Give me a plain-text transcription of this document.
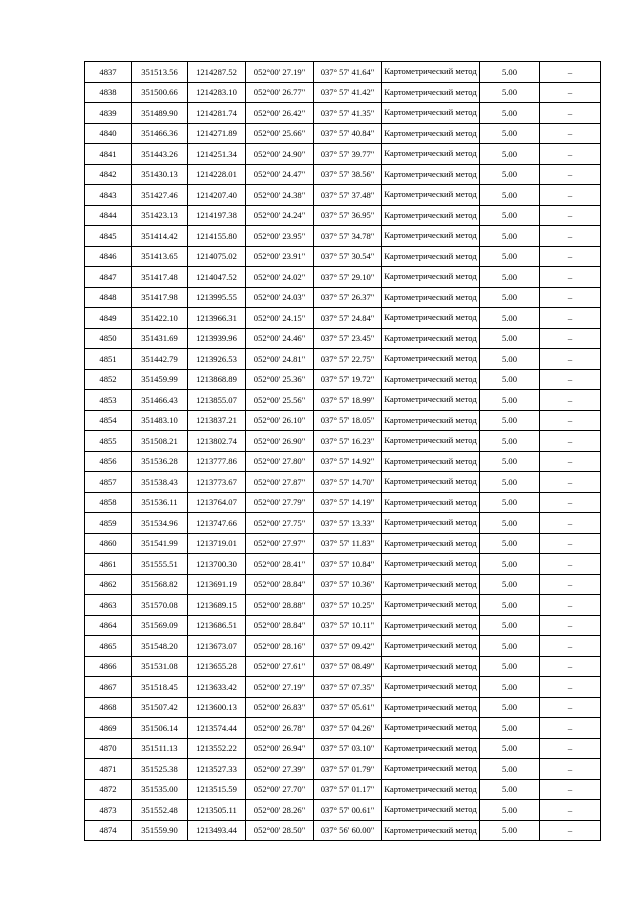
4837	351513.56	1214287.52	052°00' 27.19"	037° 57' 41.64"	Картометрический метод	5.00	–
4838	351500.66	1214283.10	052°00' 26.77"	037° 57' 41.42"	Картометрический метод	5.00	–
4839	351489.90	1214281.74	052°00' 26.42"	037° 57' 41.35"	Картометрический метод	5.00	–
4840	351466.36	1214271.89	052°00' 25.66"	037° 57' 40.84"	Картометрический метод	5.00	–
4841	351443.26	1214251.34	052°00' 24.90"	037° 57' 39.77"	Картометрический метод	5.00	–
4842	351430.13	1214228.01	052°00' 24.47"	037° 57' 38.56"	Картометрический метод	5.00	–
4843	351427.46	1214207.40	052°00' 24.38"	037° 57' 37.48"	Картометрический метод	5.00	–
4844	351423.13	1214197.38	052°00' 24.24"	037° 57' 36.95"	Картометрический метод	5.00	–
4845	351414.42	1214155.80	052°00' 23.95"	037° 57' 34.78"	Картометрический метод	5.00	–
4846	351413.65	1214075.02	052°00' 23.91"	037° 57' 30.54"	Картометрический метод	5.00	–
4847	351417.48	1214047.52	052°00' 24.02"	037° 57' 29.10"	Картометрический метод	5.00	–
4848	351417.98	1213995.55	052°00' 24.03"	037° 57' 26.37"	Картометрический метод	5.00	–
4849	351422.10	1213966.31	052°00' 24.15"	037° 57' 24.84"	Картометрический метод	5.00	–
4850	351431.69	1213939.96	052°00' 24.46"	037° 57' 23.45"	Картометрический метод	5.00	–
4851	351442.79	1213926.53	052°00' 24.81"	037° 57' 22.75"	Картометрический метод	5.00	–
4852	351459.99	1213868.89	052°00' 25.36"	037° 57' 19.72"	Картометрический метод	5.00	–
4853	351466.43	1213855.07	052°00' 25.56"	037° 57' 18.99"	Картометрический метод	5.00	–
4854	351483.10	1213837.21	052°00' 26.10"	037° 57' 18.05"	Картометрический метод	5.00	–
4855	351508.21	1213802.74	052°00' 26.90"	037° 57' 16.23"	Картометрический метод	5.00	–
4856	351536.28	1213777.86	052°00' 27.80"	037° 57' 14.92"	Картометрический метод	5.00	–
4857	351538.43	1213773.67	052°00' 27.87"	037° 57' 14.70"	Картометрический метод	5.00	–
4858	351536.11	1213764.07	052°00' 27.79"	037° 57' 14.19"	Картометрический метод	5.00	–
4859	351534.96	1213747.66	052°00' 27.75"	037° 57' 13.33"	Картометрический метод	5.00	–
4860	351541.99	1213719.01	052°00' 27.97"	037° 57' 11.83"	Картометрический метод	5.00	–
4861	351555.51	1213700.30	052°00' 28.41"	037° 57' 10.84"	Картометрический метод	5.00	–
4862	351568.82	1213691.19	052°00' 28.84"	037° 57' 10.36"	Картометрический метод	5.00	–
4863	351570.08	1213689.15	052°00' 28.88"	037° 57' 10.25"	Картометрический метод	5.00	–
4864	351569.09	1213686.51	052°00' 28.84"	037° 57' 10.11"	Картометрический метод	5.00	–
4865	351548.20	1213673.07	052°00' 28.16"	037° 57' 09.42"	Картометрический метод	5.00	–
4866	351531.08	1213655.28	052°00' 27.61"	037° 57' 08.49"	Картометрический метод	5.00	–
4867	351518.45	1213633.42	052°00' 27.19"	037° 57' 07.35"	Картометрический метод	5.00	–
4868	351507.42	1213600.13	052°00' 26.83"	037° 57' 05.61"	Картометрический метод	5.00	–
4869	351506.14	1213574.44	052°00' 26.78"	037° 57' 04.26"	Картометрический метод	5.00	–
4870	351511.13	1213552.22	052°00' 26.94"	037° 57' 03.10"	Картометрический метод	5.00	–
4871	351525.38	1213527.33	052°00' 27.39"	037° 57' 01.79"	Картометрический метод	5.00	–
4872	351535.00	1213515.59	052°00' 27.70"	037° 57' 01.17"	Картометрический метод	5.00	–
4873	351552.48	1213505.11	052°00' 28.26"	037° 57' 00.61"	Картометрический метод	5.00	–
4874	351559.90	1213493.44	052°00' 28.50"	037° 56' 60.00"	Картометрический метод	5.00	–
